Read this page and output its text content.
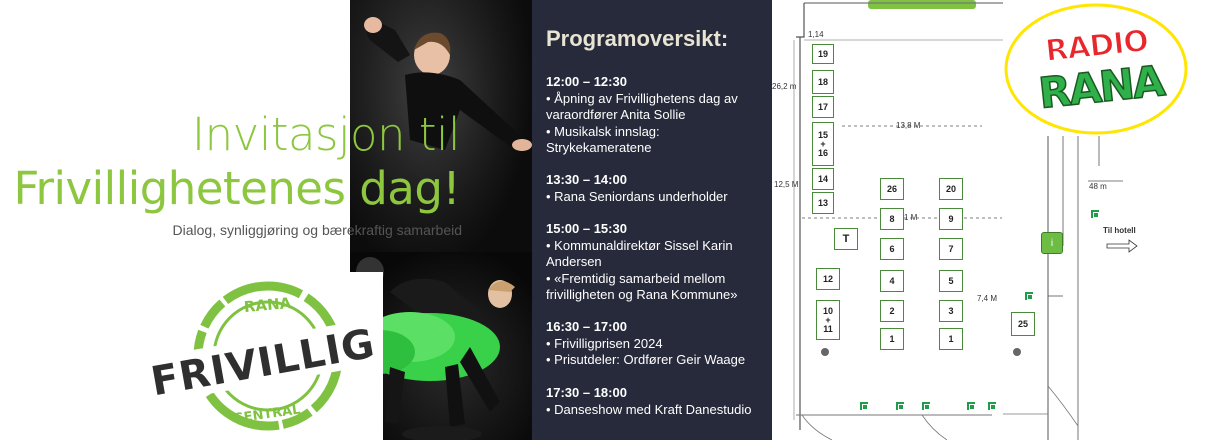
Invitasjon til
Frivillighetenes dag!
Dialog, synliggjøring og bærekraftig samarbeid
RANA
SENTRAL
FRIVILLIG
Programoversikt:
12:00 – 12:30
• Åpning av Frivillighetens dag av
varaordfører Anita Sollie
• Musikalsk innslag:
Strykekameratene
13:30 – 14:00
• Rana Seniordans underholder
15:00 – 15:30
• Kommunaldirektør Sissel Karin
Andersen
• «Fremtidig samarbeid mellom
frivilligheten og Rana Kommune»
16:30 – 17:00
• Frivilligprisen 2024
• Prisutdeler: Ordfører Geir Waage
17:30 – 18:00
• Danseshow med Kraft Danestudio
1,14
26,2 m
13,8 M
12,5 M
1 M
7,4 M
19
18
17
15
+
16
14
13
T
26	20
8	9
6	7
12	4	5
10
+
11
2	3
1	1
25
i
48 m
Til hotell
RADIO
RANA
